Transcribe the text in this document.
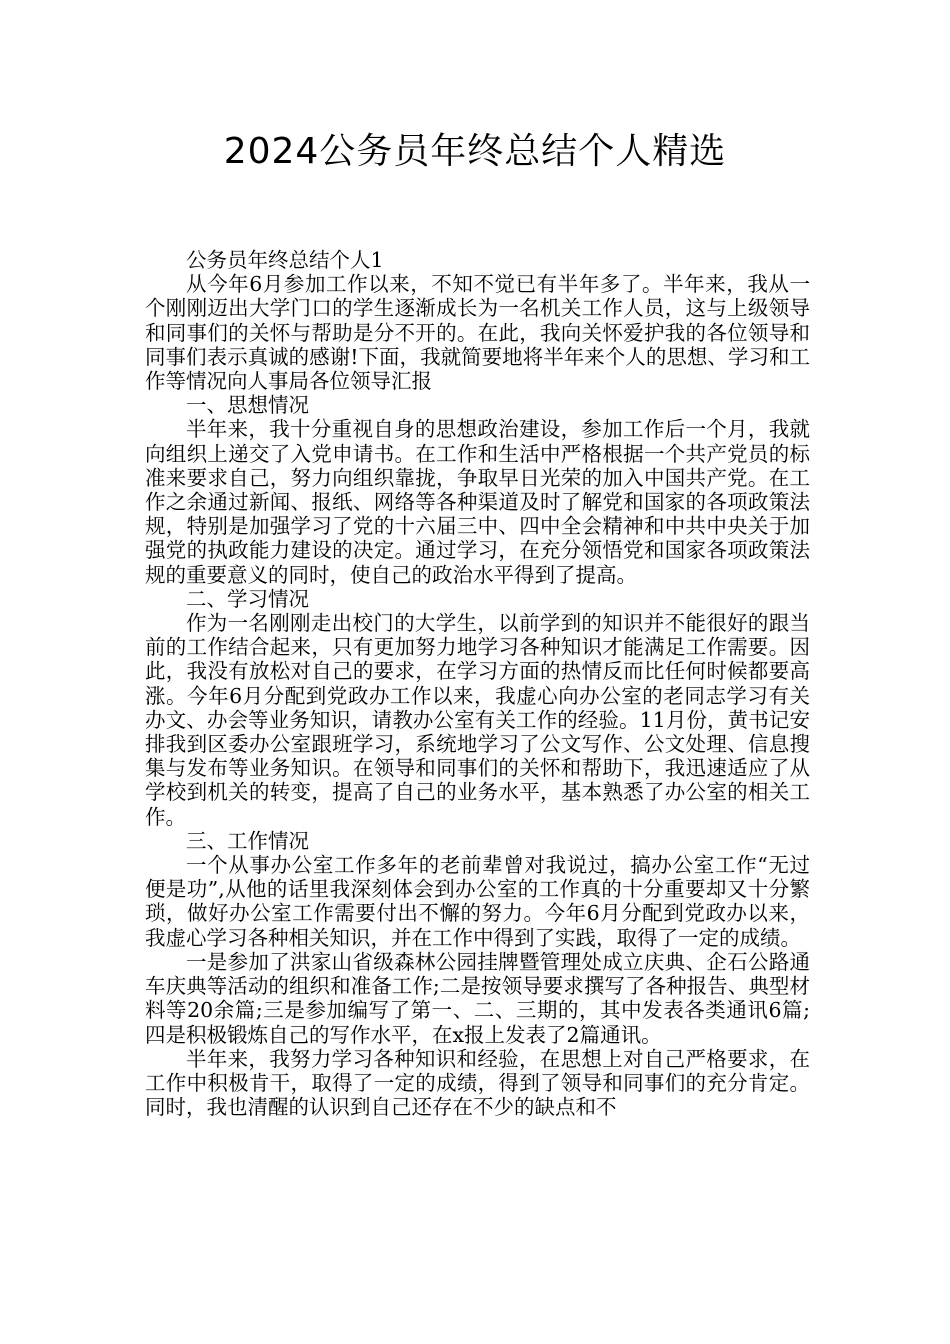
2024公务员年终总结个人精选

公务员年终总结个人1

从今年6月参加工作以来，不知不觉已有半年多了。半年来，我从一个刚刚迈出大学门口的学生逐渐成长为一名机关工作人员，这与上级领导和同事们的关怀与帮助是分不开的。在此，我向关怀爱护我的各位领导和同事们表示真诚的感谢!下面，我就简要地将半年来个人的思想、学习和工作等情况向人事局各位领导汇报

一、思想情况

半年来，我十分重视自身的思想政治建设，参加工作后一个月，我就向组织上递交了入党申请书。在工作和生活中严格根据一个共产党员的标准来要求自己，努力向组织靠拢，争取早日光荣的加入中国共产党。在工作之余通过新闻、报纸、网络等各种渠道及时了解党和国家的各项政策法规，特别是加强学习了党的十六届三中、四中全会精神和中共中央关于加强党的执政能力建设的决定。通过学习，在充分领悟党和国家各项政策法规的重要意义的同时，使自己的政治水平得到了提高。

二、学习情况

作为一名刚刚走出校门的大学生，以前学到的知识并不能很好的跟当前的工作结合起来，只有更加努力地学习各种知识才能满足工作需要。因此，我没有放松对自己的要求，在学习方面的热情反而比任何时候都要高涨。今年6月分配到党政办工作以来，我虚心向办公室的老同志学习有关办文、办会等业务知识，请教办公室有关工作的经验。11月份，黄书记安排我到区委办公室跟班学习，系统地学习了公文写作、公文处理、信息搜集与发布等业务知识。在领导和同事们的关怀和帮助下，我迅速适应了从学校到机关的转变，提高了自己的业务水平，基本熟悉了办公室的相关工作。

三、工作情况

一个从事办公室工作多年的老前辈曾对我说过，搞办公室工作“无过便是功”,从他的话里我深刻体会到办公室的工作真的十分重要却又十分繁琐，做好办公室工作需要付出不懈的努力。今年6月分配到党政办以来，我虚心学习各种相关知识，并在工作中得到了实践，取得了一定的成绩。

一是参加了洪家山省级森林公园挂牌暨管理处成立庆典、企石公路通车庆典等活动的组织和准备工作;二是按领导要求撰写了各种报告、典型材料等20余篇;三是参加编写了第一、二、三期的，其中发表各类通讯6篇;四是积极锻炼自己的写作水平，在x报上发表了2篇通讯。

半年来，我努力学习各种知识和经验，在思想上对自己严格要求，在工作中积极肯干，取得了一定的成绩，得到了领导和同事们的充分肯定。同时，我也清醒的认识到自己还存在不少的缺点和不
